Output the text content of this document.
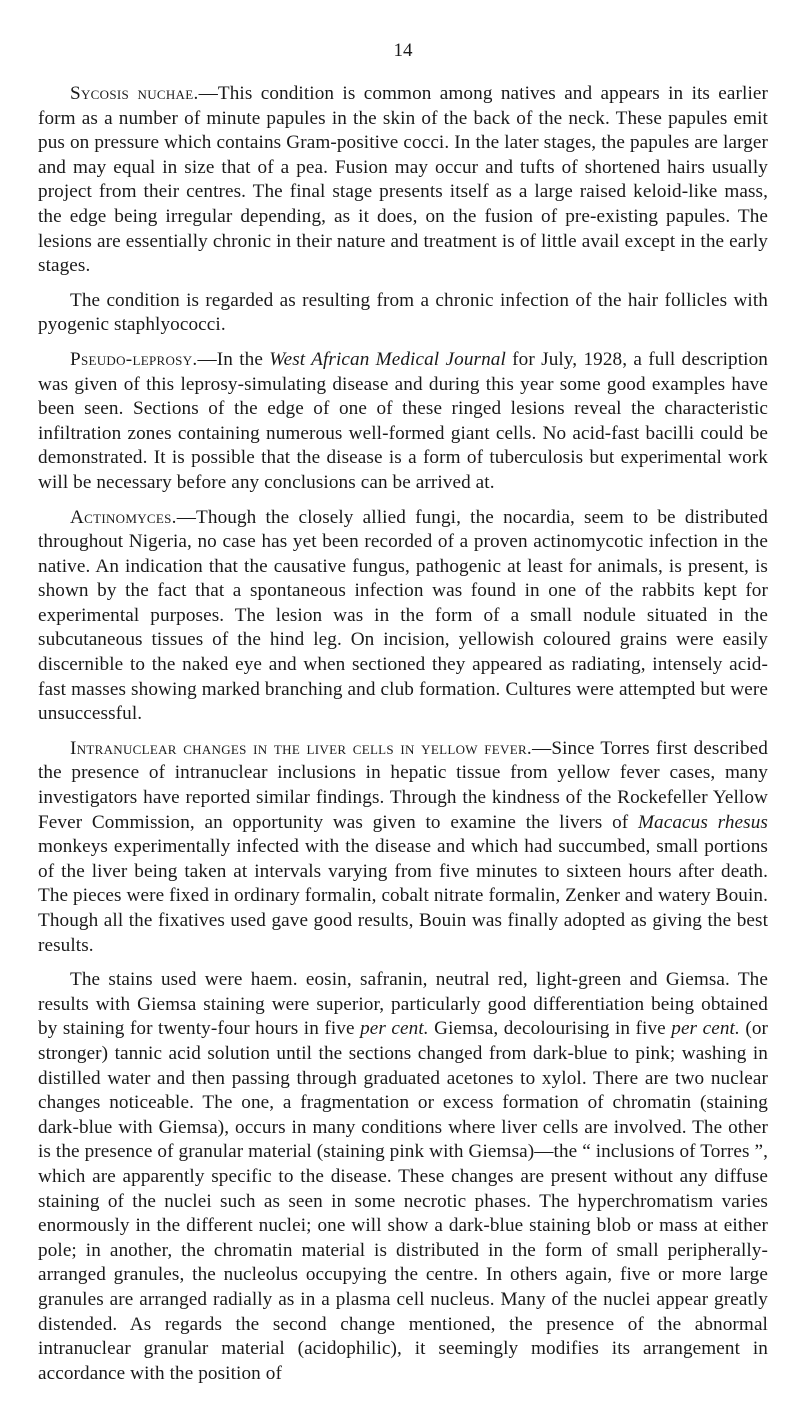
14

Sycosis nuchae.—This condition is common among natives and appears in its earlier form as a number of minute papules in the skin of the back of the neck. These papules emit pus on pressure which contains Gram-positive cocci. In the later stages, the papules are larger and may equal in size that of a pea. Fusion may occur and tufts of shortened hairs usually project from their centres. The final stage presents itself as a large raised keloid-like mass, the edge being irregular depending, as it does, on the fusion of pre-existing papules. The lesions are essentially chronic in their nature and treatment is of little avail except in the early stages.

The condition is regarded as resulting from a chronic infection of the hair follicles with pyogenic staphlyococci.

Pseudo-leprosy.—In the West African Medical Journal for July, 1928, a full description was given of this leprosy-simulating disease and during this year some good examples have been seen. Sections of the edge of one of these ringed lesions reveal the characteristic infiltration zones containing numerous well-formed giant cells. No acid-fast bacilli could be demonstrated. It is possible that the disease is a form of tuberculosis but experimental work will be necessary before any conclusions can be arrived at.

Actinomyces.—Though the closely allied fungi, the nocardia, seem to be distributed throughout Nigeria, no case has yet been recorded of a proven actinomycotic infection in the native. An indication that the causative fungus, pathogenic at least for animals, is present, is shown by the fact that a spontaneous infection was found in one of the rabbits kept for experimental purposes. The lesion was in the form of a small nodule situated in the subcutaneous tissues of the hind leg. On incision, yellowish coloured grains were easily discernible to the naked eye and when sectioned they appeared as radiating, intensely acid-fast masses showing marked branching and club formation. Cultures were attempted but were unsuccessful.

Intranuclear changes in the liver cells in yellow fever.—Since Torres first described the presence of intranuclear inclusions in hepatic tissue from yellow fever cases, many investigators have reported similar findings. Through the kindness of the Rockefeller Yellow Fever Commission, an opportunity was given to examine the livers of Macacus rhesus monkeys experimentally infected with the disease and which had succumbed, small portions of the liver being taken at intervals varying from five minutes to sixteen hours after death. The pieces were fixed in ordinary formalin, cobalt nitrate formalin, Zenker and watery Bouin. Though all the fixatives used gave good results, Bouin was finally adopted as giving the best results.

The stains used were haem. eosin, safranin, neutral red, light-green and Giemsa. The results with Giemsa staining were superior, particularly good differentiation being obtained by staining for twenty-four hours in five per cent. Giemsa, decolourising in five per cent. (or stronger) tannic acid solution until the sections changed from dark-blue to pink; washing in distilled water and then passing through graduated acetones to xylol. There are two nuclear changes noticeable. The one, a fragmentation or excess formation of chromatin (staining dark-blue with Giemsa), occurs in many conditions where liver cells are involved. The other is the presence of granular material (staining pink with Giemsa)—the “ inclusions of Torres ”, which are apparently specific to the disease. These changes are present without any diffuse staining of the nuclei such as seen in some necrotic phases. The hyperchromatism varies enormously in the different nuclei; one will show a dark-blue staining blob or mass at either pole; in another, the chromatin material is distributed in the form of small peripherally-arranged granules, the nucleolus occupying the centre. In others again, five or more large granules are arranged radially as in a plasma cell nucleus. Many of the nuclei appear greatly distended. As regards the second change mentioned, the presence of the abnormal intranuclear granular material (acidophilic), it seemingly modifies its arrangement in accordance with the position of
